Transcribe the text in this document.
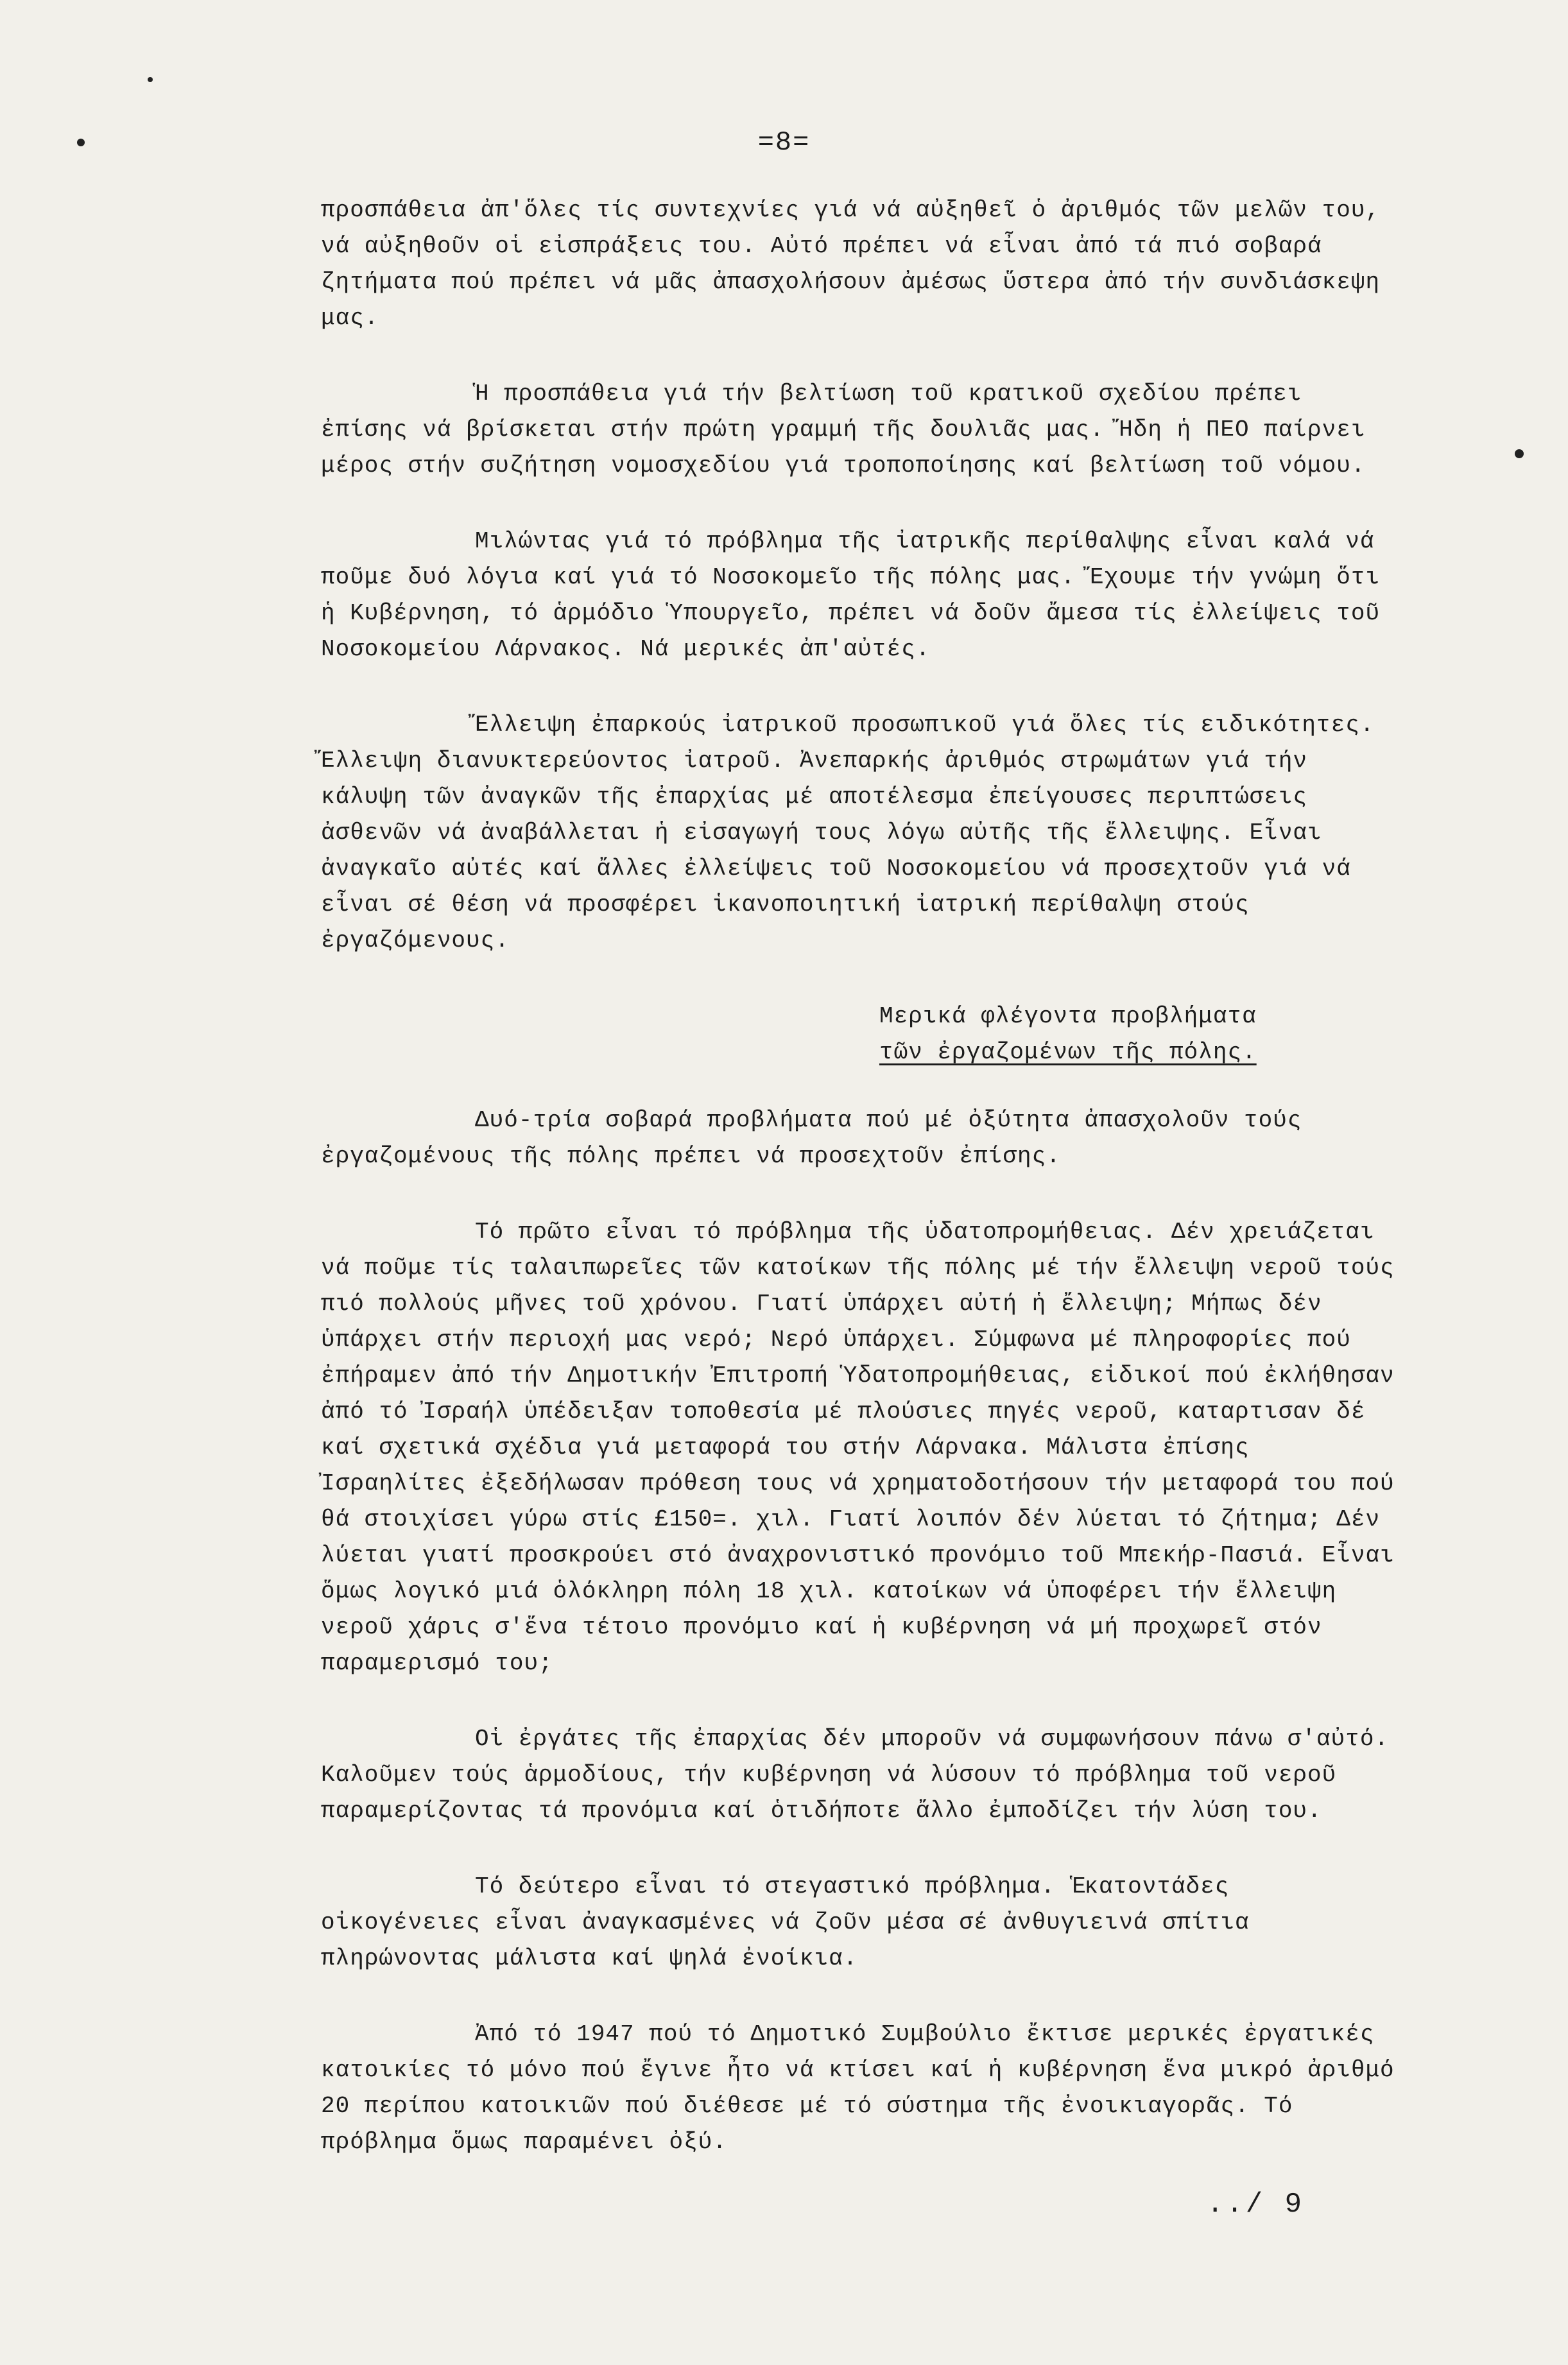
=8=

προσπάθεια ἀπ'ὅλες τίς συντεχνίες γιά νά αὐξηθεῖ ὁ ἀριθμός τῶν μελῶν του, νά αὐξηθοῦν οἱ εἰσπράξεις του. Αὐτό πρέπει νά εἶναι ἀπό τά πιό σοβαρά ζητήματα πού πρέπει νά μᾶς ἀπασχολήσουν ἀμέσως ὕστερα ἀπό τήν συνδιάσκεψη μας.

Ἡ προσπάθεια γιά τήν βελτίωση τοῦ κρατικοῦ σχεδίου πρέπει ἐπίσης νά βρίσκεται στήν πρώτη γραμμή τῆς δουλιᾶς μας. Ἤδη ἡ ΠΕΟ παίρνει μέρος στήν συζήτηση νομοσχεδίου γιά τροποποίησης καί βελτίωση τοῦ νόμου.

Μιλώντας γιά τό πρόβλημα τῆς ἰατρικῆς περίθαλψης εἶναι καλά νά ποῦμε δυό λόγια καί γιά τό Νοσοκομεῖο τῆς πόλης μας. Ἔχουμε τήν γνώμη ὅτι ἡ Κυβέρνηση, τό ἁρμόδιο Ὑπουργεῖο, πρέπει νά δοῦν ἄμεσα τίς ἐλλείψεις τοῦ Νοσοκομείου Λάρνακος. Νά μερικές ἀπ'αὐτές.

Ἔλλειψη ἐπαρκούς ἰατρικοῦ προσωπικοῦ γιά ὅλες τίς ειδικότητες. Ἔλλειψη διανυκτερεύοντος ἰατροῦ. Ἀνεπαρκής ἀριθμός στρωμάτων γιά τήν κάλυψη τῶν ἀναγκῶν τῆς ἐπαρχίας μέ αποτέλεσμα ἐπείγουσες περιπτώσεις ἀσθενῶν νά ἀναβάλλεται ἡ εἰσαγωγή τους λόγω αὐτῆς τῆς ἔλλειψης. Εἶναι ἀναγκαῖο αὐτές καί ἄλλες ἐλλείψεις τοῦ Νοσοκομείου νά προσεχτοῦν γιά νά εἶναι σέ θέση νά προσφέρει ἱκανοποιητική ἰατρική περίθαλψη στούς ἐργαζόμενους.

Μερικά φλέγοντα προβλήματα
τῶν ἐργαζομένων τῆς πόλης.

Δυό-τρία σοβαρά προβλήματα πού μέ ὀξύτητα ἀπασχολοῦν τούς ἐργαζομένους τῆς πόλης πρέπει νά προσεχτοῦν ἐπίσης.

Τό πρῶτο εἶναι τό πρόβλημα τῆς ὑδατοπρομήθειας. Δέν χρειάζεται νά ποῦμε τίς ταλαιπωρεῖες τῶν κατοίκων τῆς πόλης μέ τήν ἔλλειψη νεροῦ τούς πιό πολλούς μῆνες τοῦ χρόνου. Γιατί ὑπάρχει αὐτή ἡ ἔλλειψη; Μήπως δέν ὑπάρχει στήν περιοχή μας νερό; Νερό ὑπάρχει. Σύμφωνα μέ πληροφορίες πού ἐπήραμεν ἀπό τήν Δημοτικήν Ἐπιτροπή Ὑδατοπρομήθειας, εἰδικοί πού ἐκλήθησαν ἀπό τό Ἰσραήλ ὑπέδειξαν τοποθεσία μέ πλούσιες πηγές νεροῦ, καταρτισαν δέ καί σχετικά σχέδια γιά μεταφορά του στήν Λάρνακα. Μάλιστα ἐπίσης Ἰσραηλίτες ἐξεδήλωσαν πρόθεση τους νά χρηματοδοτήσουν τήν μεταφορά του πού θά στοιχίσει γύρω στίς £150=. χιλ. Γιατί λοιπόν δέν λύεται τό ζήτημα; Δέν λύεται γιατί προσκρούει στό ἀναχρονιστικό προνόμιο τοῦ Μπεκήρ-Πασιά. Εἶναι ὅμως λογικό μιά ὁλόκληρη πόλη 18 χιλ. κατοίκων νά ὑποφέρει τήν ἔλλειψη νεροῦ χάρις σ'ἕνα τέτοιο προνόμιο καί ἡ κυβέρνηση νά μή προχωρεῖ στόν παραμερισμό του;

Οἱ ἐργάτες τῆς ἐπαρχίας δέν μποροῦν νά συμφωνήσουν πάνω σ'αὐτό. Καλοῦμεν τούς ἁρμοδίους, τήν κυβέρνηση νά λύσουν τό πρόβλημα τοῦ νεροῦ παραμερίζοντας τά προνόμια καί ὁτιδήποτε ἄλλο ἐμποδίζει τήν λύση του.

Τό δεύτερο εἶναι τό στεγαστικό πρόβλημα. Ἑκατοντάδες οἰκογένειες εἶναι ἀναγκασμένες νά ζοῦν μέσα σέ ἀνθυγιεινά σπίτια πληρώνοντας μάλιστα καί ψηλά ἐνοίκια.

Ἀπό τό 1947 πού τό Δημοτικό Συμβούλιο ἔκτισε μερικές ἐργατικές κατοικίες τό μόνο πού ἔγινε ἦτο νά κτίσει καί ἡ κυβέρνηση ἕνα μικρό ἀριθμό 20 περίπου κατοικιῶν πού διέθεσε μέ τό σύστημα τῆς ἐνοικιαγορᾶς. Τό πρόβλημα ὅμως παραμένει ὀξύ.

../ 9
